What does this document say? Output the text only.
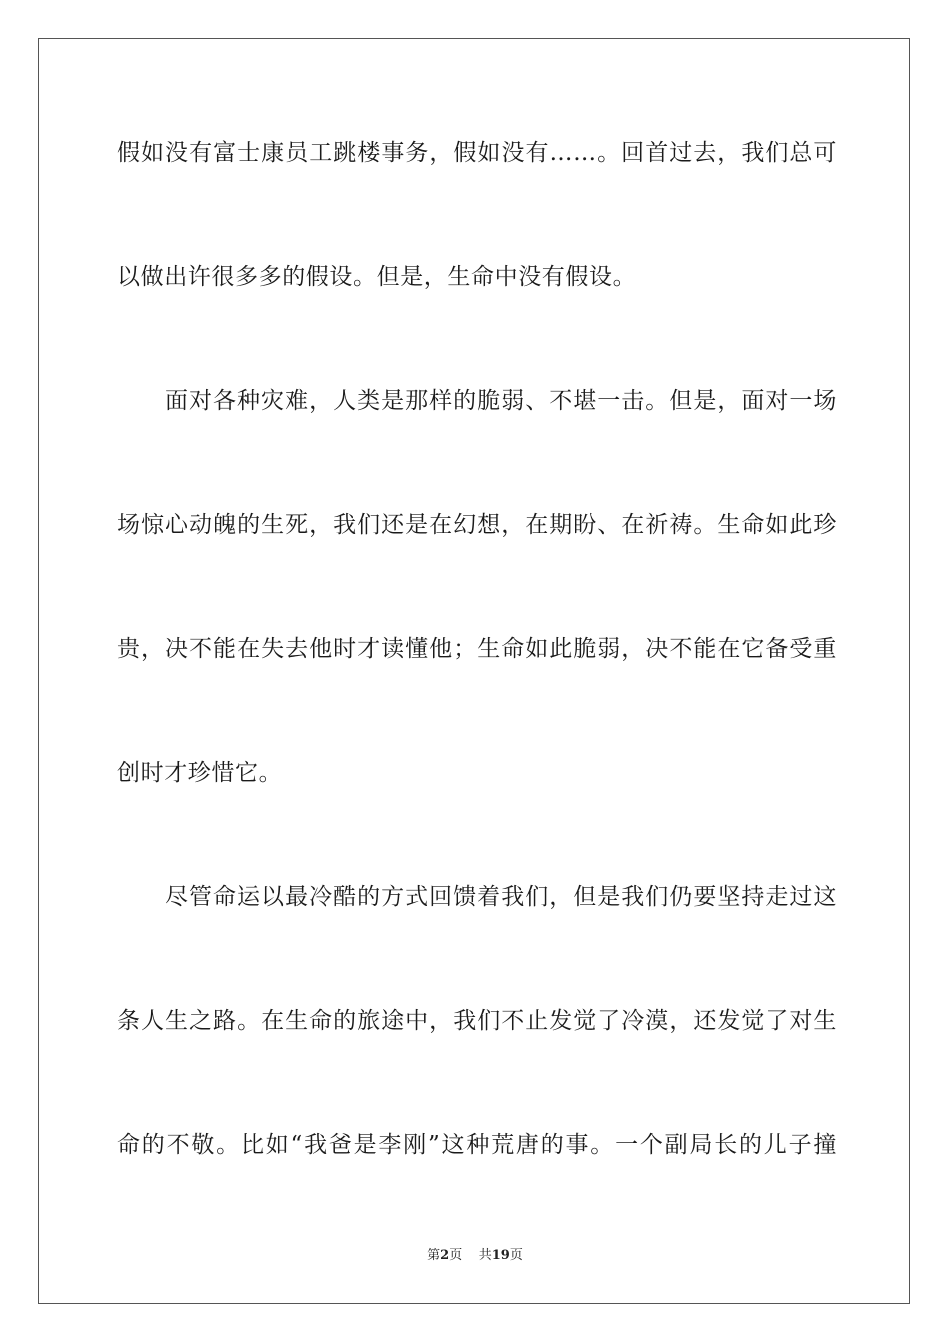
假如没有富士康员工跳楼事务，假如没有……。回首过去，我们总可
以做出许很多多的假设。但是，生命中没有假设。
面对各种灾难，人类是那样的脆弱、不堪一击。但是，面对一场
场惊心动魄的生死，我们还是在幻想，在期盼、在祈祷。生命如此珍
贵，决不能在失去他时才读懂他；生命如此脆弱，决不能在它备受重
创时才珍惜它。
尽管命运以最冷酷的方式回馈着我们，但是我们仍要坚持走过这
条人生之路。在生命的旅途中，我们不止发觉了冷漠，还发觉了对生
命的不敬。比如“我爸是李刚”这种荒唐的事。一个副局长的儿子撞
第2页 共19页
